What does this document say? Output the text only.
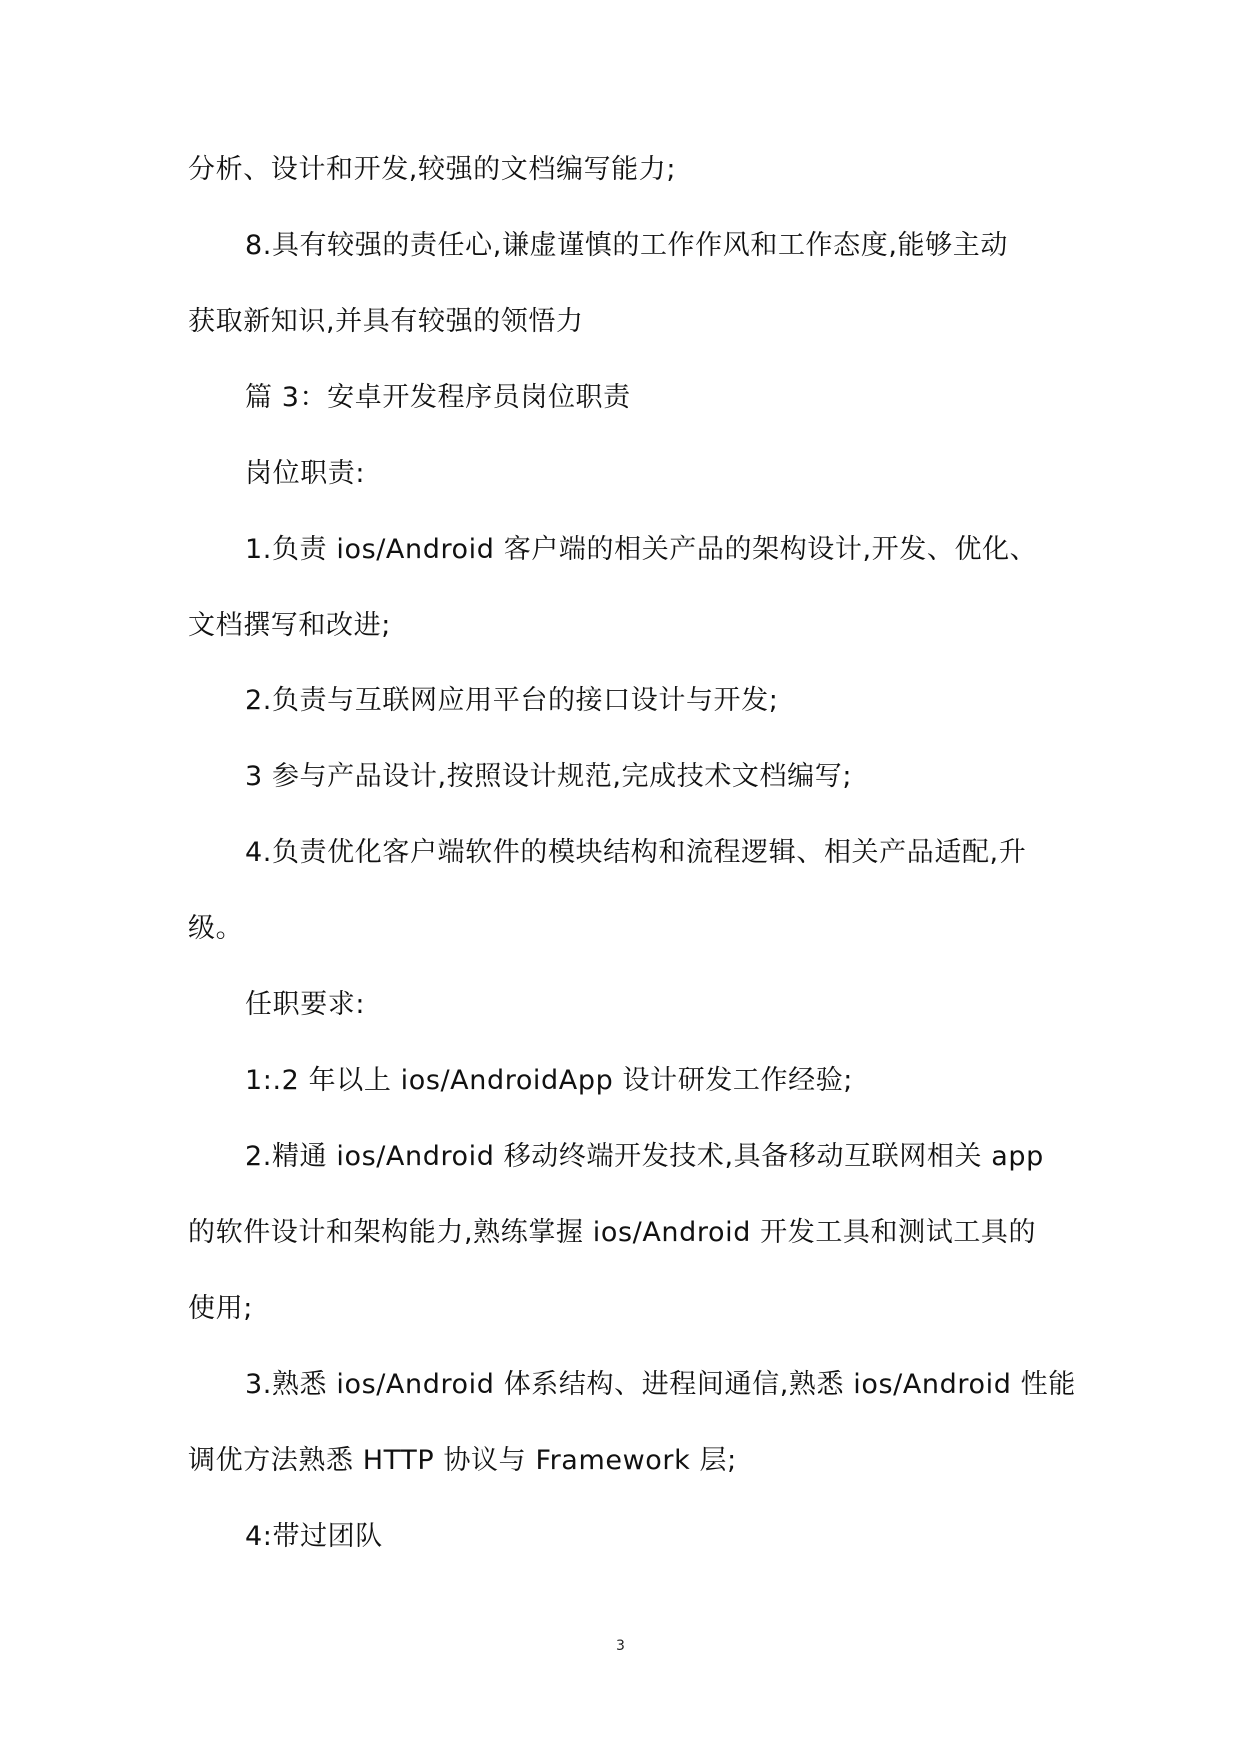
分析、设计和开发,较强的文档编写能力;
8.具有较强的责任心,谦虚谨慎的工作作风和工作态度,能够主动
获取新知识,并具有较强的领悟力
篇 3：安卓开发程序员岗位职责
岗位职责:
1.负责 ios/Android 客户端的相关产品的架构设计,开发、优化、
文档撰写和改进;
2.负责与互联网应用平台的接口设计与开发;
3 参与产品设计,按照设计规范,完成技术文档编写;
4.负责优化客户端软件的模块结构和流程逻辑、相关产品适配,升
级。
任职要求:
1:.2 年以上 ios/AndroidApp 设计研发工作经验;
2.精通 ios/Android 移动终端开发技术,具备移动互联网相关 app
的软件设计和架构能力,熟练掌握 ios/Android 开发工具和测试工具的
使用;
3.熟悉 ios/Android 体系结构、进程间通信,熟悉 ios/Android 性能
调优方法熟悉 HTTP 协议与 Framework 层;
4:带过团队
3
